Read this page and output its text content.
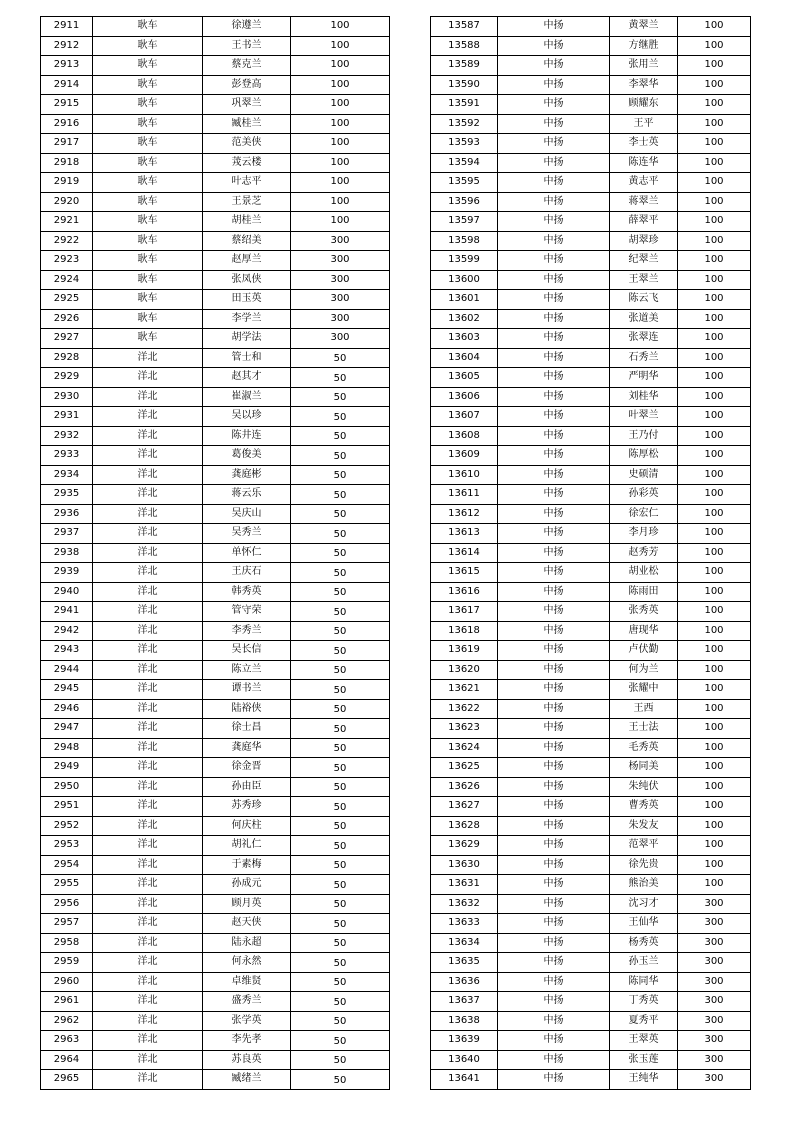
2911	耿车	徐遵兰	100
2912	耿车	王书兰	100
2913	耿车	蔡克兰	100
2914	耿车	彭登高	100
2915	耿车	巩翠兰	100
2916	耿车	臧桂兰	100
2917	耿车	范美侠	100
2918	耿车	茙云楼	100
2919	耿车	叶志平	100
2920	耿车	王景芝	100
2921	耿车	胡桂兰	100
2922	耿车	蔡绍美	300
2923	耿车	赵厚兰	300
2924	耿车	张凤侠	300
2925	耿车	田玉英	300
2926	耿车	李学兰	300
2927	耿车	胡学法	300
2928	洋北	管士和	50
2929	洋北	赵其才	50
2930	洋北	崔淑兰	50
2931	洋北	吴以珍	50
2932	洋北	陈井连	50
2933	洋北	葛俊美	50
2934	洋北	龚庭彬	50
2935	洋北	蒋云乐	50
2936	洋北	吴庆山	50
2937	洋北	吴秀兰	50
2938	洋北	单怀仁	50
2939	洋北	王庆石	50
2940	洋北	韩秀英	50
2941	洋北	管守荣	50
2942	洋北	李秀兰	50
2943	洋北	吴长信	50
2944	洋北	陈立兰	50
2945	洋北	谭书兰	50
2946	洋北	陆裕侠	50
2947	洋北	徐士昌	50
2948	洋北	龚庭华	50
2949	洋北	徐金晋	50
2950	洋北	孙由臣	50
2951	洋北	苏秀珍	50
2952	洋北	何庆柱	50
2953	洋北	胡礼仁	50
2954	洋北	于素梅	50
2955	洋北	孙成元	50
2956	洋北	顾月英	50
2957	洋北	赵天侠	50
2958	洋北	陆永超	50
2959	洋北	何永然	50
2960	洋北	卓维贤	50
2961	洋北	盛秀兰	50
2962	洋北	张学英	50
2963	洋北	李先孝	50
2964	洋北	苏良英	50
2965	洋北	臧绪兰	50
13587	中扬	黄翠兰	100
13588	中扬	方继胜	100
13589	中扬	张用兰	100
13590	中扬	李翠华	100
13591	中扬	顾耀东	100
13592	中扬	王平	100
13593	中扬	李士英	100
13594	中扬	陈连华	100
13595	中扬	黄志平	100
13596	中扬	蒋翠兰	100
13597	中扬	薛翠平	100
13598	中扬	胡翠珍	100
13599	中扬	纪翠兰	100
13600	中扬	王翠兰	100
13601	中扬	陈云飞	100
13602	中扬	张道美	100
13603	中扬	张翠连	100
13604	中扬	石秀兰	100
13605	中扬	严明华	100
13606	中扬	刘桂华	100
13607	中扬	叶翠兰	100
13608	中扬	王乃付	100
13609	中扬	陈厚松	100
13610	中扬	史硕清	100
13611	中扬	孙彩英	100
13612	中扬	徐宏仁	100
13613	中扬	李月珍	100
13614	中扬	赵秀芳	100
13615	中扬	胡业松	100
13616	中扬	陈雨田	100
13617	中扬	张秀英	100
13618	中扬	唐现华	100
13619	中扬	卢伏勤	100
13620	中扬	何为兰	100
13621	中扬	张耀中	100
13622	中扬	王西	100
13623	中扬	王士法	100
13624	中扬	毛秀英	100
13625	中扬	杨同美	100
13626	中扬	朱纯伏	100
13627	中扬	曹秀英	100
13628	中扬	朱发友	100
13629	中扬	范翠平	100
13630	中扬	徐先贵	100
13631	中扬	熊治美	100
13632	中扬	沈习才	300
13633	中扬	王仙华	300
13634	中扬	杨秀英	300
13635	中扬	孙玉兰	300
13636	中扬	陈同华	300
13637	中扬	丁秀英	300
13638	中扬	夏秀平	300
13639	中扬	王翠英	300
13640	中扬	张玉莲	300
13641	中扬	王纯华	300
